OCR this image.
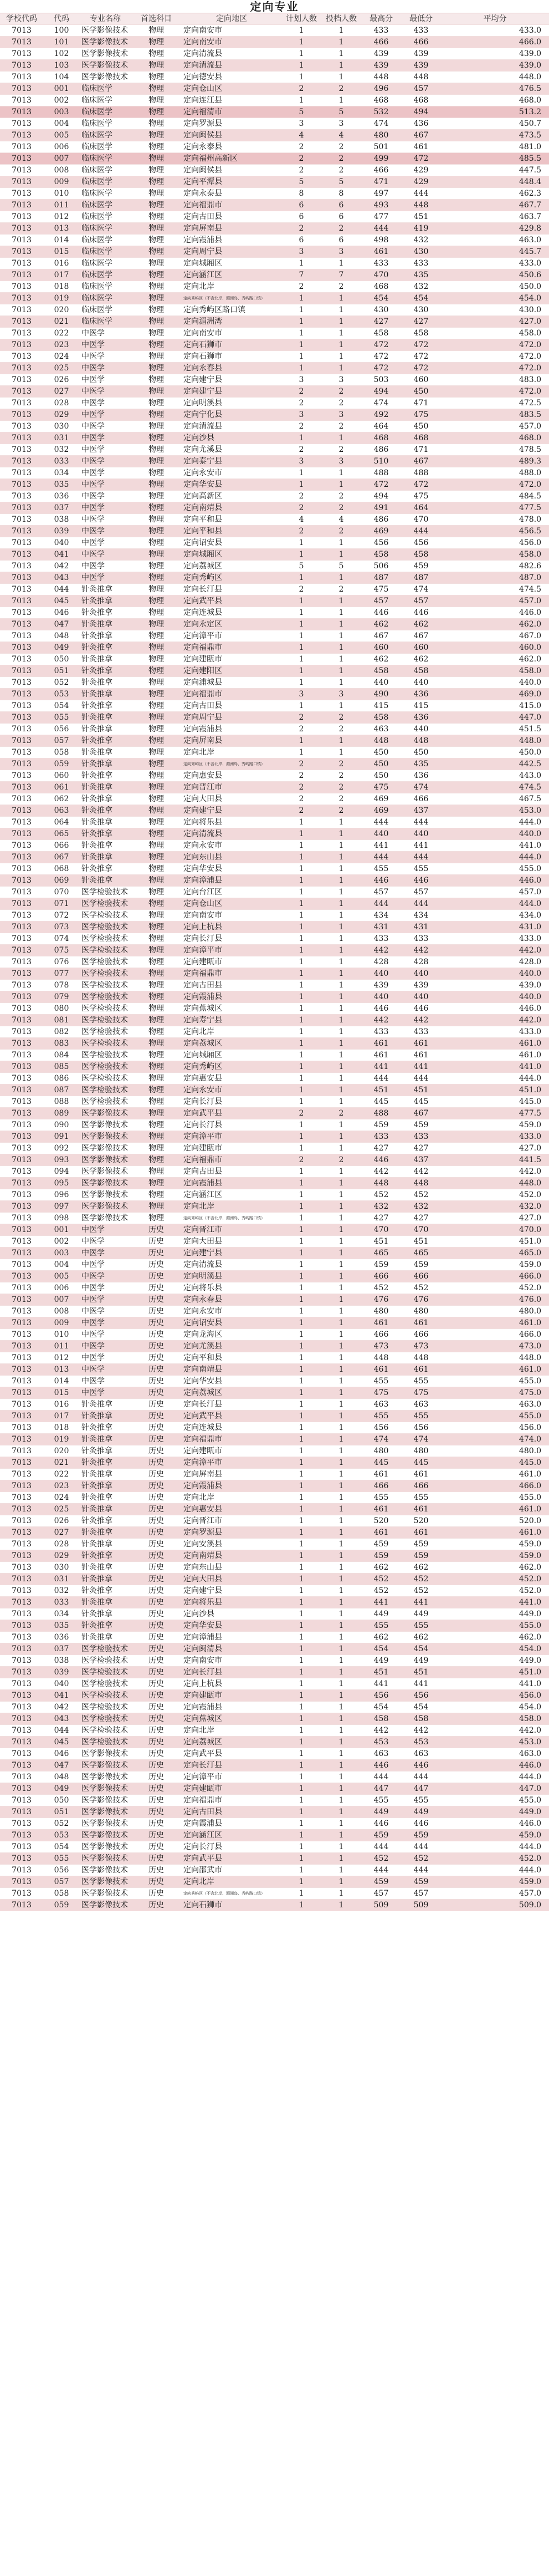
定向专业
学校代码	代码	专业名称	首选科目	定向地区	计划人数	投档人数	最高分	最低分	平均分
7013	100	医学影像技术	物理	定向南安市	1	1	433	433	433.0
7013	101	医学影像技术	物理	定向南安市	1	1	466	466	466.0
7013	102	医学影像技术	物理	定向清流县	1	1	439	439	439.0
7013	103	医学影像技术	物理	定向清流县	1	1	439	439	439.0
7013	104	医学影像技术	物理	定向德安县	1	1	448	448	448.0
7013	001	临床医学	物理	定向仓山区	2	2	496	457	476.5
7013	002	临床医学	物理	定向连江县	1	1	468	468	468.0
7013	003	临床医学	物理	定向福清市	5	5	532	494	513.2
7013	004	临床医学	物理	定向罗源县	3	3	474	436	450.7
7013	005	临床医学	物理	定向闽侯县	4	4	480	467	473.5
7013	006	临床医学	物理	定向永泰县	2	2	501	461	481.0
7013	007	临床医学	物理	定向福州高新区	2	2	499	472	485.5
7013	008	临床医学	物理	定向闽侯县	2	2	466	429	447.5
7013	009	临床医学	物理	定向平潭县	5	5	471	429	448.4
7013	010	临床医学	物理	定向永泰县	8	8	497	444	462.3
7013	011	临床医学	物理	定向福鼎市	6	6	493	448	467.7
7013	012	临床医学	物理	定向古田县	6	6	477	451	463.7
7013	013	临床医学	物理	定向屏南县	2	2	444	419	429.8
7013	014	临床医学	物理	定向霞浦县	6	6	498	432	463.0
7013	015	临床医学	物理	定向周宁县	3	3	461	430	445.7
7013	016	临床医学	物理	定向城厢区	1	1	433	433	433.0
7013	017	临床医学	物理	定向涵江区	7	7	470	435	450.6
7013	018	临床医学	物理	定向北岸	2	2	468	432	450.0
7013	019	临床医学	物理	定向秀屿区（不含北岸、湄洲岛、秀屿路口镇）	1	1	454	454	454.0
7013	020	临床医学	物理	定向秀屿区路口镇	1	1	430	430	430.0
7013	021	临床医学	物理	定向湄洲湾	1	1	427	427	427.0
7013	022	中医学	物理	定向南安市	1	1	458	458	458.0
7013	023	中医学	物理	定向石狮市	1	1	472	472	472.0
7013	024	中医学	物理	定向石狮市	1	1	472	472	472.0
7013	025	中医学	物理	定向永春县	1	1	472	472	472.0
7013	026	中医学	物理	定向建宁县	3	3	503	460	483.0
7013	027	中医学	物理	定向建宁县	2	2	494	450	472.0
7013	028	中医学	物理	定向明溪县	2	2	474	471	472.5
7013	029	中医学	物理	定向宁化县	3	3	492	475	483.5
7013	030	中医学	物理	定向清流县	2	2	464	450	457.0
7013	031	中医学	物理	定向沙县	1	1	468	468	468.0
7013	032	中医学	物理	定向尤溪县	2	2	486	471	478.5
7013	033	中医学	物理	定向泰宁县	3	3	510	467	489.3
7013	034	中医学	物理	定向永安市	1	1	488	488	488.0
7013	035	中医学	物理	定向华安县	1	1	472	472	472.0
7013	036	中医学	物理	定向高新区	2	2	494	475	484.5
7013	037	中医学	物理	定向南靖县	2	2	491	464	477.5
7013	038	中医学	物理	定向平和县	4	4	486	470	478.0
7013	039	中医学	物理	定向平和县	2	2	469	444	456.5
7013	040	中医学	物理	定向诏安县	1	1	456	456	456.0
7013	041	中医学	物理	定向城厢区	1	1	458	458	458.0
7013	042	中医学	物理	定向荔城区	5	5	506	459	482.6
7013	043	中医学	物理	定向秀屿区	1	1	487	487	487.0
7013	044	针灸推拿	物理	定向长汀县	2	2	475	474	474.5
7013	045	针灸推拿	物理	定向武平县	1	1	457	457	457.0
7013	046	针灸推拿	物理	定向连城县	1	1	446	446	446.0
7013	047	针灸推拿	物理	定向永定区	1	1	462	462	462.0
7013	048	针灸推拿	物理	定向漳平市	1	1	467	467	467.0
7013	049	针灸推拿	物理	定向福鼎市	1	1	460	460	460.0
7013	050	针灸推拿	物理	定向建瓯市	1	1	462	462	462.0
7013	051	针灸推拿	物理	定向建阳区	1	1	458	458	458.0
7013	052	针灸推拿	物理	定向浦城县	1	1	440	440	440.0
7013	053	针灸推拿	物理	定向福鼎市	3	3	490	436	469.0
7013	054	针灸推拿	物理	定向古田县	1	1	415	415	415.0
7013	055	针灸推拿	物理	定向周宁县	2	2	458	436	447.0
7013	056	针灸推拿	物理	定向霞浦县	2	2	463	440	451.5
7013	057	针灸推拿	物理	定向屏南县	1	1	448	448	448.0
7013	058	针灸推拿	物理	定向北岸	1	1	450	450	450.0
7013	059	针灸推拿	物理	定向秀屿区（不含北岸、湄洲岛、秀屿路口镇）	2	2	450	435	442.5
7013	060	针灸推拿	物理	定向惠安县	2	2	450	436	443.0
7013	061	针灸推拿	物理	定向晋江市	2	2	475	474	474.5
7013	062	针灸推拿	物理	定向大田县	2	2	469	466	467.5
7013	063	针灸推拿	物理	定向建宁县	2	2	469	437	453.0
7013	064	针灸推拿	物理	定向将乐县	1	1	444	444	444.0
7013	065	针灸推拿	物理	定向清流县	1	1	440	440	440.0
7013	066	针灸推拿	物理	定向永安市	1	1	441	441	441.0
7013	067	针灸推拿	物理	定向东山县	1	1	444	444	444.0
7013	068	针灸推拿	物理	定向华安县	1	1	455	455	455.0
7013	069	针灸推拿	物理	定向漳浦县	1	1	446	446	446.0
7013	070	医学检验技术	物理	定向台江区	1	1	457	457	457.0
7013	071	医学检验技术	物理	定向仓山区	1	1	444	444	444.0
7013	072	医学检验技术	物理	定向南安市	1	1	434	434	434.0
7013	073	医学检验技术	物理	定向上杭县	1	1	431	431	431.0
7013	074	医学检验技术	物理	定向长汀县	1	1	433	433	433.0
7013	075	医学检验技术	物理	定向漳平市	1	1	442	442	442.0
7013	076	医学检验技术	物理	定向建瓯市	1	1	428	428	428.0
7013	077	医学检验技术	物理	定向福鼎市	1	1	440	440	440.0
7013	078	医学检验技术	物理	定向古田县	1	1	439	439	439.0
7013	079	医学检验技术	物理	定向霞浦县	1	1	440	440	440.0
7013	080	医学检验技术	物理	定向蕉城区	1	1	446	446	446.0
7013	081	医学检验技术	物理	定向寿宁县	1	1	442	442	442.0
7013	082	医学检验技术	物理	定向北岸	1	1	433	433	433.0
7013	083	医学检验技术	物理	定向荔城区	1	1	461	461	461.0
7013	084	医学检验技术	物理	定向城厢区	1	1	461	461	461.0
7013	085	医学检验技术	物理	定向秀屿区	1	1	441	441	441.0
7013	086	医学检验技术	物理	定向惠安县	1	1	444	444	444.0
7013	087	医学检验技术	物理	定向永安市	1	1	451	451	451.0
7013	088	医学检验技术	物理	定向长汀县	1	1	445	445	445.0
7013	089	医学影像技术	物理	定向武平县	2	2	488	467	477.5
7013	090	医学影像技术	物理	定向长汀县	1	1	459	459	459.0
7013	091	医学影像技术	物理	定向漳平市	1	1	433	433	433.0
7013	092	医学影像技术	物理	定向建瓯市	1	1	427	427	427.0
7013	093	医学影像技术	物理	定向福鼎市	2	2	446	437	441.5
7013	094	医学影像技术	物理	定向古田县	1	1	442	442	442.0
7013	095	医学影像技术	物理	定向霞浦县	1	1	448	448	448.0
7013	096	医学影像技术	物理	定向涵江区	1	1	452	452	452.0
7013	097	医学影像技术	物理	定向北岸	1	1	432	432	432.0
7013	098	医学影像技术	物理	定向秀屿区（不含北岸、湄洲岛、秀屿路口镇）	1	1	427	427	427.0
7013	001	中医学	历史	定向晋江市	1	1	470	470	470.0
7013	002	中医学	历史	定向大田县	1	1	451	451	451.0
7013	003	中医学	历史	定向建宁县	1	1	465	465	465.0
7013	004	中医学	历史	定向清流县	1	1	459	459	459.0
7013	005	中医学	历史	定向明溪县	1	1	466	466	466.0
7013	006	中医学	历史	定向将乐县	1	1	452	452	452.0
7013	007	中医学	历史	定向永春县	1	1	476	476	476.0
7013	008	中医学	历史	定向永安市	1	1	480	480	480.0
7013	009	中医学	历史	定向诏安县	1	1	461	461	461.0
7013	010	中医学	历史	定向龙海区	1	1	466	466	466.0
7013	011	中医学	历史	定向尤溪县	1	1	473	473	473.0
7013	012	中医学	历史	定向平和县	1	1	448	448	448.0
7013	013	中医学	历史	定向南靖县	1	1	461	461	461.0
7013	014	中医学	历史	定向华安县	1	1	455	455	455.0
7013	015	中医学	历史	定向荔城区	1	1	475	475	475.0
7013	016	针灸推拿	历史	定向长汀县	1	1	463	463	463.0
7013	017	针灸推拿	历史	定向武平县	1	1	455	455	455.0
7013	018	针灸推拿	历史	定向连城县	1	1	456	456	456.0
7013	019	针灸推拿	历史	定向福鼎市	1	1	474	474	474.0
7013	020	针灸推拿	历史	定向建瓯市	1	1	480	480	480.0
7013	021	针灸推拿	历史	定向漳平市	1	1	445	445	445.0
7013	022	针灸推拿	历史	定向屏南县	1	1	461	461	461.0
7013	023	针灸推拿	历史	定向霞浦县	1	1	466	466	466.0
7013	024	针灸推拿	历史	定向北岸	1	1	455	455	455.0
7013	025	针灸推拿	历史	定向惠安县	1	1	461	461	461.0
7013	026	针灸推拿	历史	定向晋江市	1	1	520	520	520.0
7013	027	针灸推拿	历史	定向罗源县	1	1	461	461	461.0
7013	028	针灸推拿	历史	定向安溪县	1	1	459	459	459.0
7013	029	针灸推拿	历史	定向南靖县	1	1	459	459	459.0
7013	030	针灸推拿	历史	定向东山县	1	1	462	462	462.0
7013	031	针灸推拿	历史	定向大田县	1	1	452	452	452.0
7013	032	针灸推拿	历史	定向建宁县	1	1	452	452	452.0
7013	033	针灸推拿	历史	定向将乐县	1	1	441	441	441.0
7013	034	针灸推拿	历史	定向沙县	1	1	449	449	449.0
7013	035	针灸推拿	历史	定向华安县	1	1	455	455	455.0
7013	036	针灸推拿	历史	定向漳浦县	1	1	462	462	462.0
7013	037	医学检验技术	历史	定向闽清县	1	1	454	454	454.0
7013	038	医学检验技术	历史	定向南安市	1	1	449	449	449.0
7013	039	医学检验技术	历史	定向长汀县	1	1	451	451	451.0
7013	040	医学检验技术	历史	定向上杭县	1	1	441	441	441.0
7013	041	医学检验技术	历史	定向建瓯市	1	1	456	456	456.0
7013	042	医学检验技术	历史	定向霞浦县	1	1	454	454	454.0
7013	043	医学检验技术	历史	定向蕉城区	1	1	458	458	458.0
7013	044	医学检验技术	历史	定向北岸	1	1	442	442	442.0
7013	045	医学检验技术	历史	定向荔城区	1	1	453	453	453.0
7013	046	医学影像技术	历史	定向武平县	1	1	463	463	463.0
7013	047	医学影像技术	历史	定向长汀县	1	1	446	446	446.0
7013	048	医学影像技术	历史	定向漳平市	1	1	444	444	444.0
7013	049	医学影像技术	历史	定向建瓯市	1	1	447	447	447.0
7013	050	医学影像技术	历史	定向福鼎市	1	1	455	455	455.0
7013	051	医学影像技术	历史	定向古田县	1	1	449	449	449.0
7013	052	医学影像技术	历史	定向霞浦县	1	1	446	446	446.0
7013	053	医学影像技术	历史	定向涵江区	1	1	459	459	459.0
7013	054	医学影像技术	历史	定向长汀县	1	1	444	444	444.0
7013	055	医学影像技术	历史	定向武平县	1	1	452	452	452.0
7013	056	医学影像技术	历史	定向邵武市	1	1	444	444	444.0
7013	057	医学影像技术	历史	定向北岸	1	1	459	459	459.0
7013	058	医学影像技术	历史	定向秀屿区（不含北岸、湄洲岛、秀屿路口镇）	1	1	457	457	457.0
7013	059	医学影像技术	历史	定向石狮市	1	1	509	509	509.0
